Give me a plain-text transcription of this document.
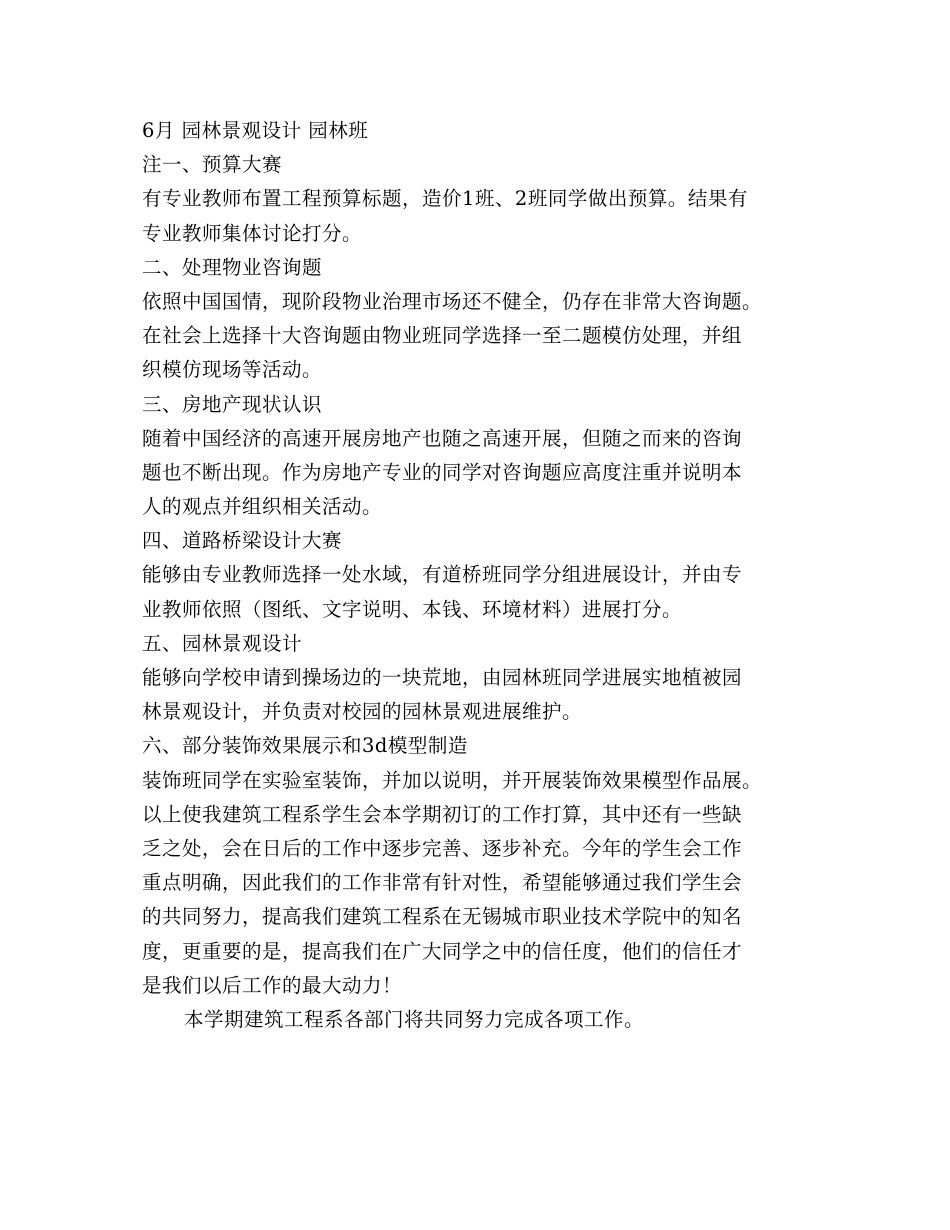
6月 园林景观设计 园林班
注一、预算大赛
有专业教师布置工程预算标题，造价1班、2班同学做出预算。结果有
专业教师集体讨论打分。
二、处理物业咨询题
依照中国国情，现阶段物业治理市场还不健全，仍存在非常大咨询题。
在社会上选择十大咨询题由物业班同学选择一至二题模仿处理，并组
织模仿现场等活动。
三、房地产现状认识
随着中国经济的高速开展房地产也随之高速开展，但随之而来的咨询
题也不断出现。作为房地产专业的同学对咨询题应高度注重并说明本
人的观点并组织相关活动。
四、道路桥梁设计大赛
能够由专业教师选择一处水域，有道桥班同学分组进展设计，并由专
业教师依照（图纸、文字说明、本钱、环境材料）进展打分。
五、园林景观设计
能够向学校申请到操场边的一块荒地，由园林班同学进展实地植被园
林景观设计，并负责对校园的园林景观进展维护。
六、部分装饰效果展示和3d模型制造
装饰班同学在实验室装饰，并加以说明，并开展装饰效果模型作品展。
以上使我建筑工程系学生会本学期初订的工作打算，其中还有一些缺
乏之处，会在日后的工作中逐步完善、逐步补充。今年的学生会工作
重点明确，因此我们的工作非常有针对性，希望能够通过我们学生会
的共同努力，提高我们建筑工程系在无锡城市职业技术学院中的知名
度，更重要的是，提高我们在广大同学之中的信任度，他们的信任才
是我们以后工作的最大动力！
本学期建筑工程系各部门将共同努力完成各项工作。
